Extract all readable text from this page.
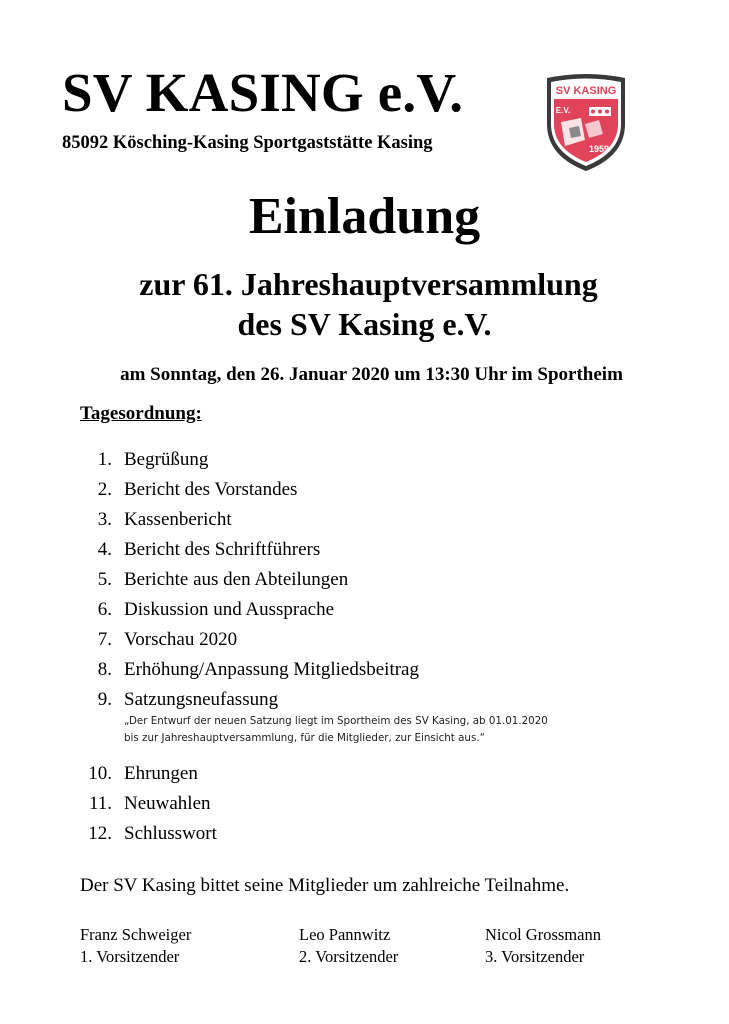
SV KASING e.V.
85092 Kösching-Kasing Sportgaststätte Kasing
SV KASING
E.V.
1959
Einladung
zur 61. Jahreshauptversammlung
des SV Kasing e.V.
am Sonntag, den 26. Januar 2020 um 13:30 Uhr im Sportheim
Tagesordnung:
1. Begrüßung
2. Bericht des Vorstandes
3. Kassenbericht
4. Bericht des Schriftführers
5. Berichte aus den Abteilungen
6. Diskussion und Aussprache
7. Vorschau 2020
8. Erhöhung/Anpassung Mitgliedsbeitrag
9. Satzungsneufassung
„Der Entwurf der neuen Satzung liegt im Sportheim des SV Kasing, ab 01.01.2020
bis zur Jahreshauptversammlung, für die Mitglieder, zur Einsicht aus.“
10. Ehrungen
11. Neuwahlen
12. Schlusswort
Der SV Kasing bittet seine Mitglieder um zahlreiche Teilnahme.
Franz Schweiger
1. Vorsitzender
Leo Pannwitz
2. Vorsitzender
Nicol Grossmann
3. Vorsitzender
